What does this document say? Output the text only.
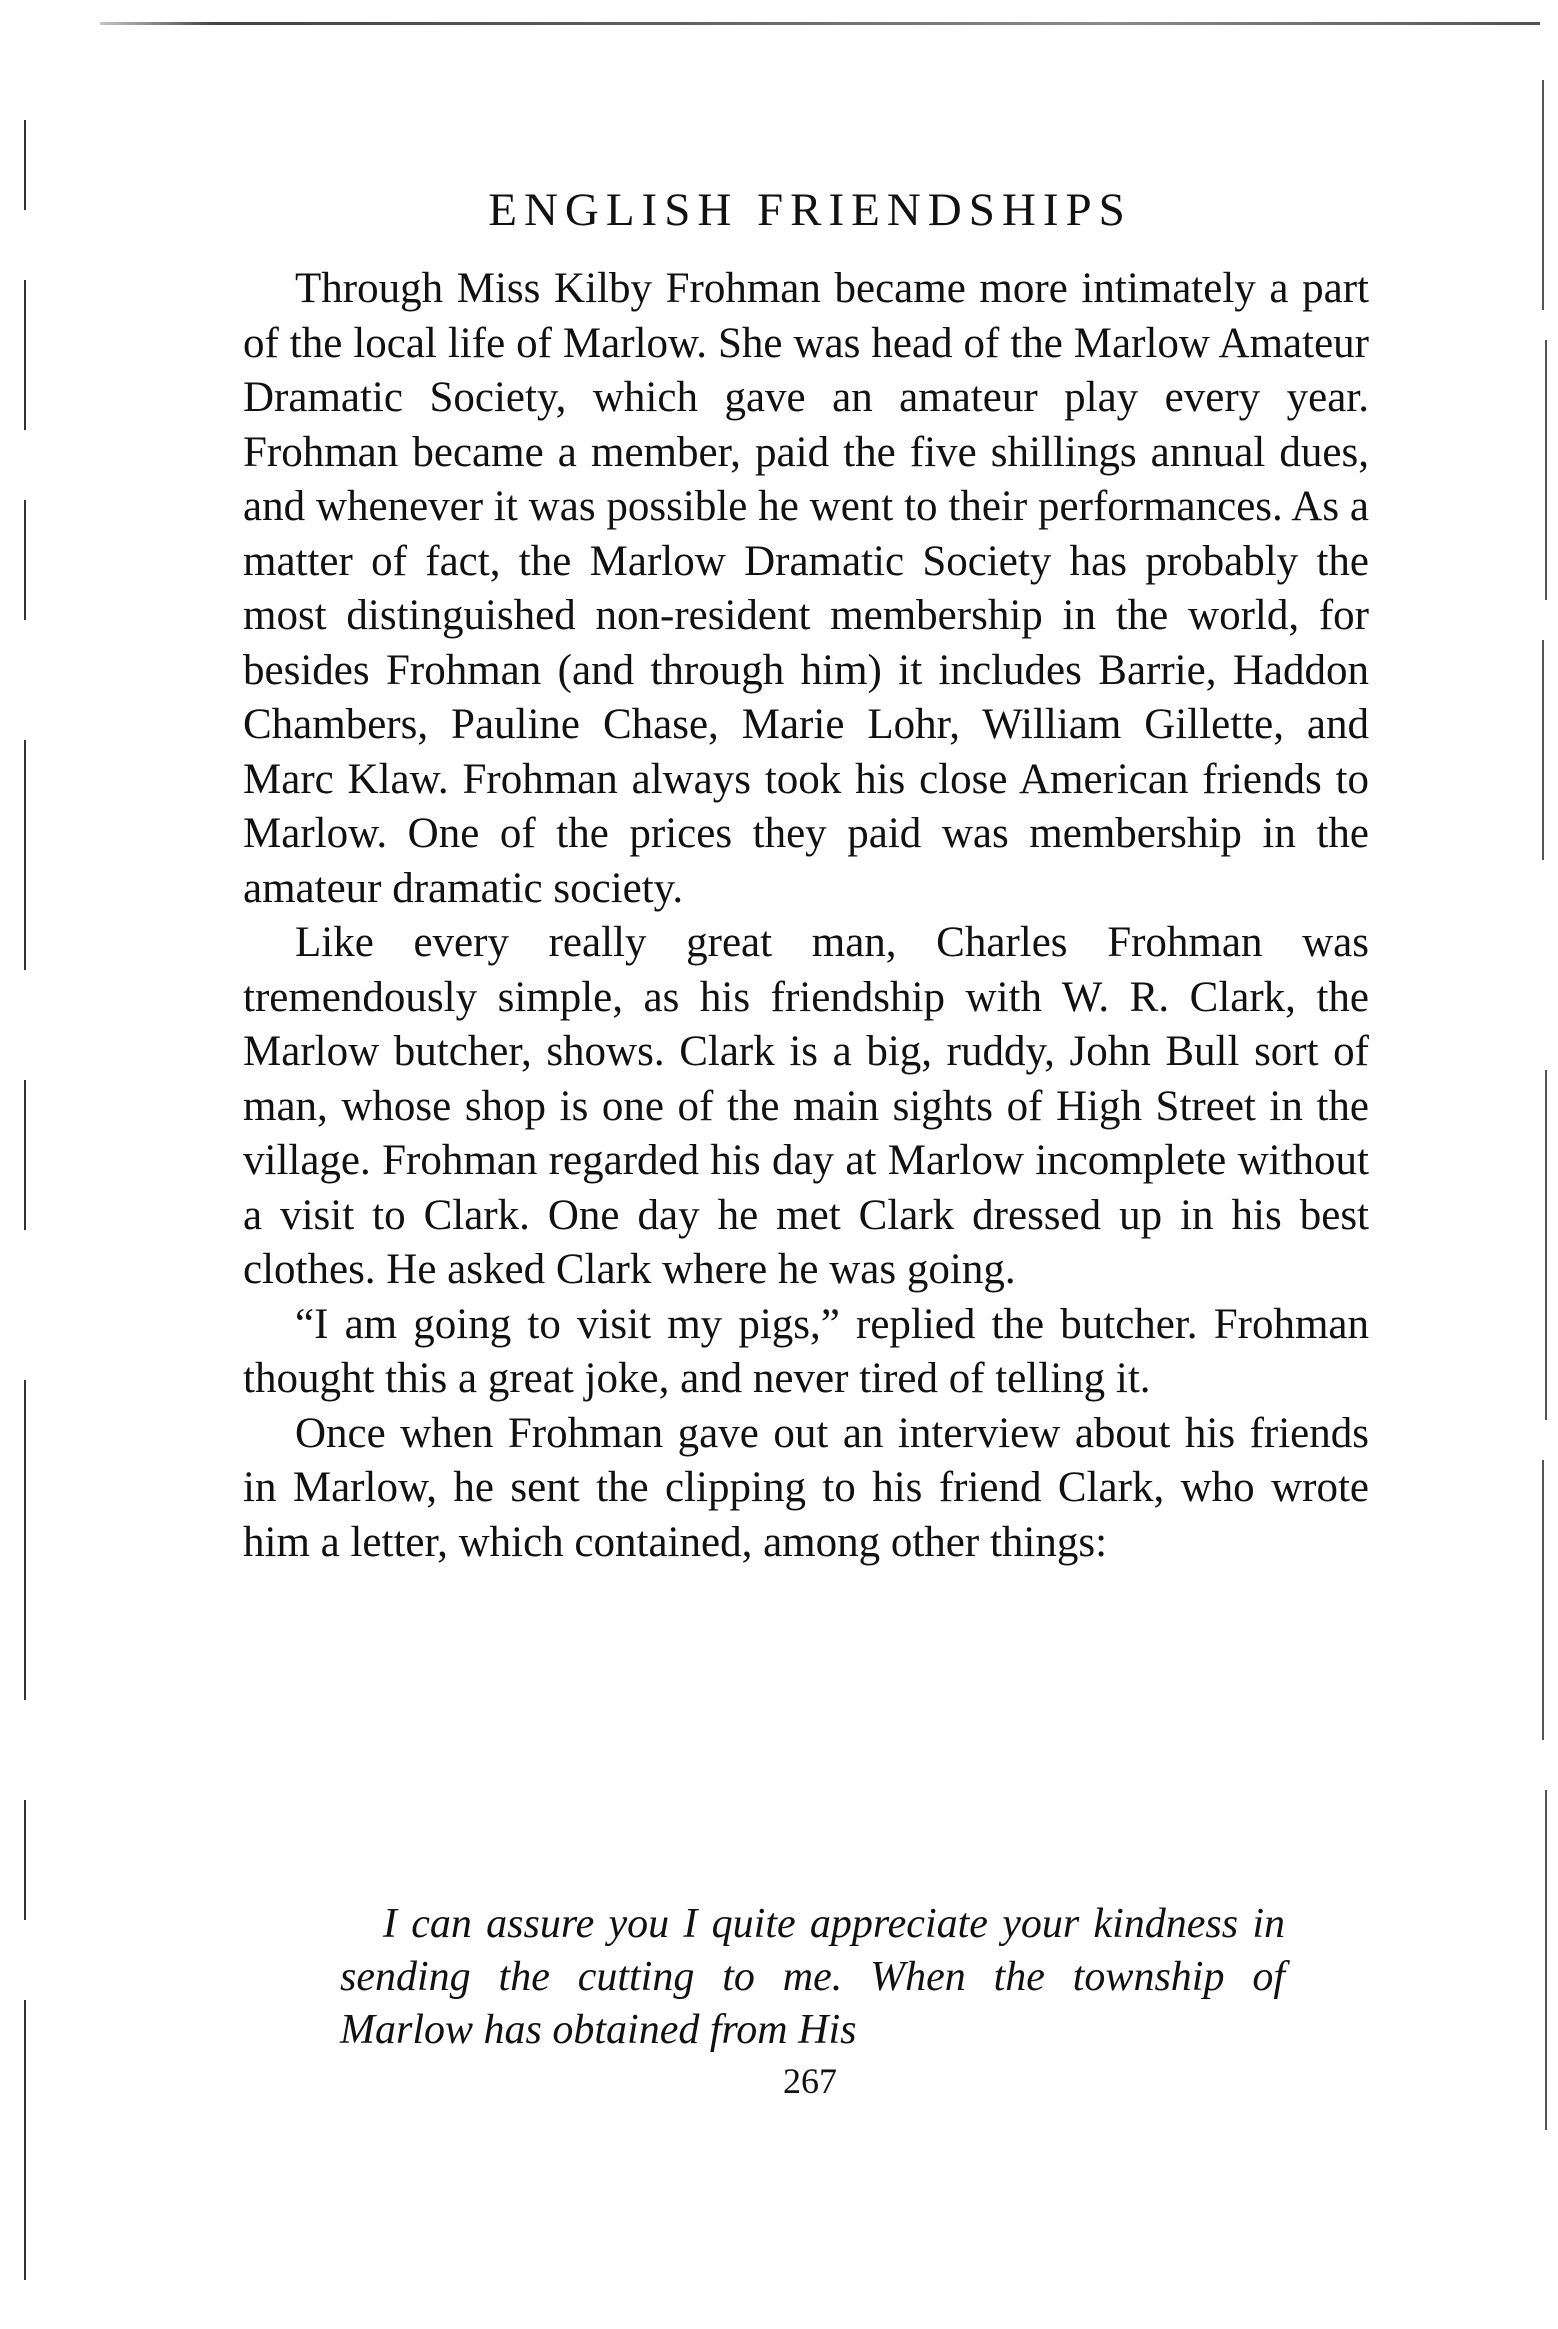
ENGLISH FRIENDSHIPS

Through Miss Kilby Frohman became more intimately a part of the local life of Marlow. She was head of the Marlow Amateur Dramatic Society, which gave an amateur play every year. Frohman became a member, paid the five shillings annual dues, and whenever it was possible he went to their performances. As a matter of fact, the Marlow Dramatic Society has probably the most distinguished non-resident membership in the world, for besides Frohman (and through him) it includes Barrie, Haddon Chambers, Pauline Chase, Marie Lohr, William Gillette, and Marc Klaw. Frohman always took his close American friends to Marlow. One of the prices they paid was membership in the amateur dramatic society.

Like every really great man, Charles Frohman was tremendously simple, as his friendship with W. R. Clark, the Marlow butcher, shows. Clark is a big, ruddy, John Bull sort of man, whose shop is one of the main sights of High Street in the village. Frohman regarded his day at Marlow incomplete without a visit to Clark. One day he met Clark dressed up in his best clothes. He asked Clark where he was going.

“I am going to visit my pigs,” replied the butcher. Frohman thought this a great joke, and never tired of telling it.

Once when Frohman gave out an interview about his friends in Marlow, he sent the clipping to his friend Clark, who wrote him a letter, which contained, among other things:

I can assure you I quite appreciate your kindness in sending the cutting to me. When the township of Marlow has obtained from His

267
